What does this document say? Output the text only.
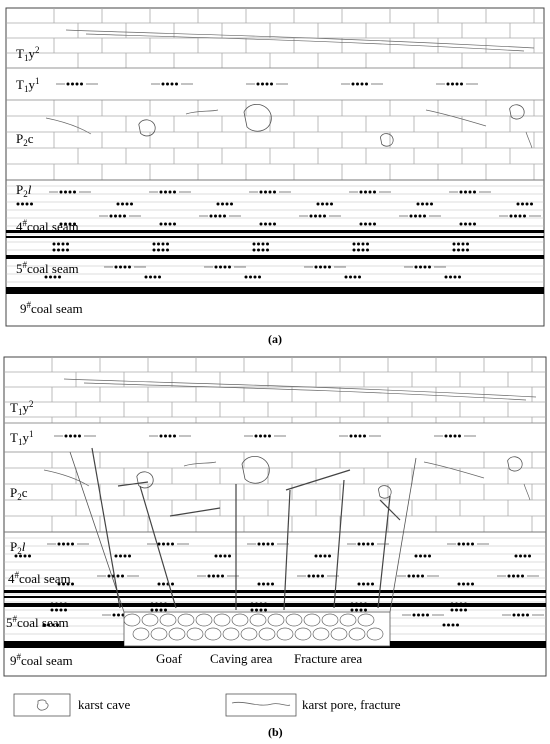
$T_1y^2$
$T_1y^1$
$P_2c$
$P_2l$
4#coal seam
5#coal seam
9#coal seam
(a)
$T_1y^2$
$T_1y^1$
$P_2c$
$P_2l$
4#coal seam
5#coal seam
9#coal seam	Goaf Caving area Fracture area
(b)
karst cave	karst pore, fracture
